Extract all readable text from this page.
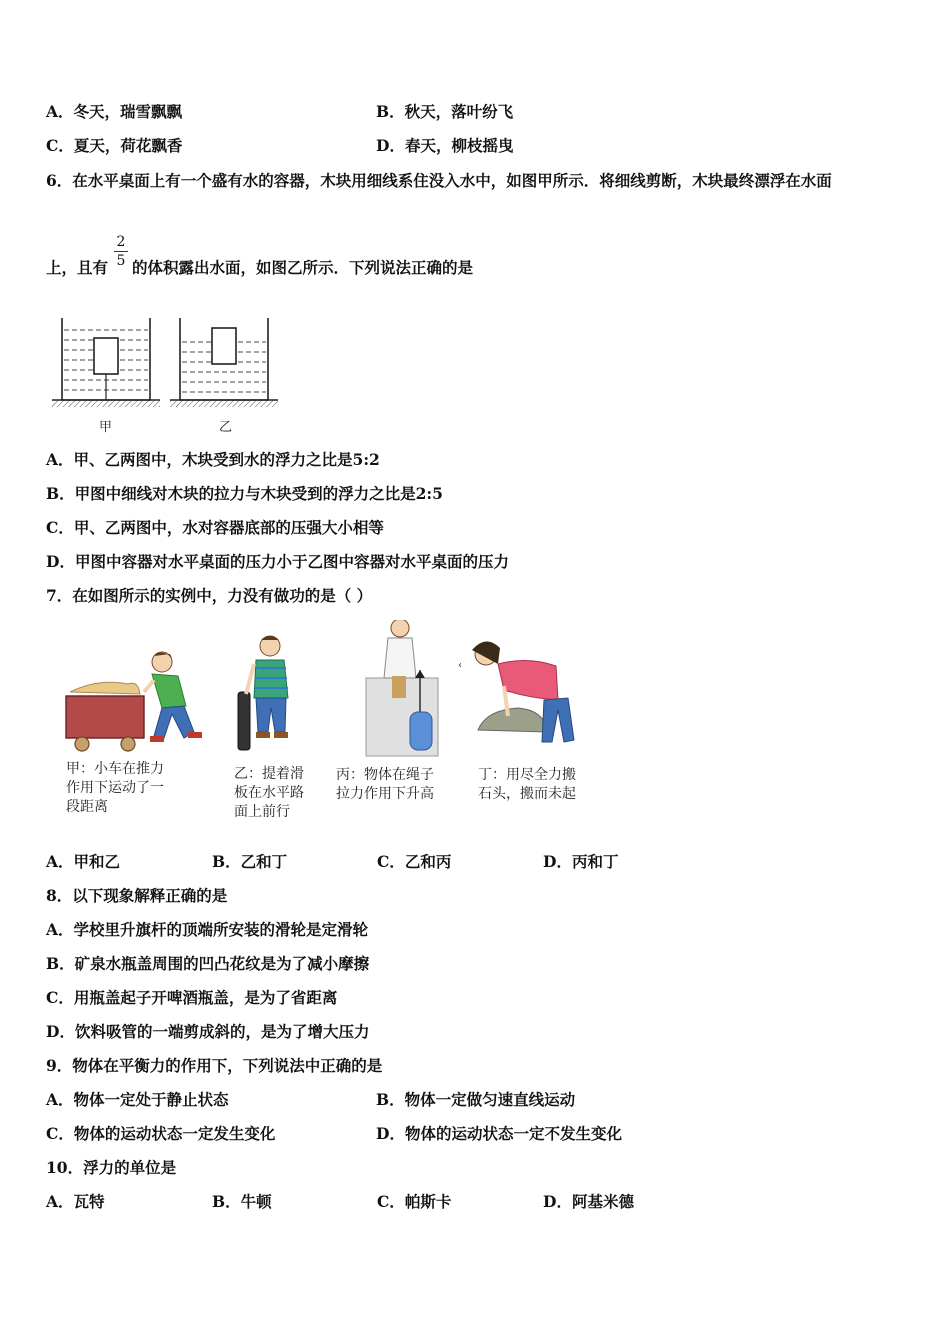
A．冬天，瑞雪飘飘	B．秋天，落叶纷飞
C．夏天，荷花飘香	D．春天，柳枝摇曳
6．在水平桌面上有一个盛有水的容器，木块用细线系住没入水中，如图甲所示．将细线剪断，木块最终漂浮在水面
上，且有
2
5 的体积露出水面，如图乙所示．下列说法正确的是
甲	乙
A．甲、乙两图中，木块受到水的浮力之比是5:2
B．甲图中细线对木块的拉力与木块受到的浮力之比是2:5
C．甲、乙两图中，水对容器底部的压强大小相等
D．甲图中容器对水平桌面的压力小于乙图中容器对水平桌面的压力
7．在如图所示的实例中，力没有做功的是（ ）
‹
甲：小车在推力
作用下运动了一
段距离
乙：提着滑
板在水平路
面上前行
丙：物体在绳子
拉力作用下升高
丁：用尽全力搬
石头，搬而未起
A．甲和乙	B．乙和丁	C．乙和丙	D．丙和丁
8．以下现象解释正确的是
A．学校里升旗杆的顶端所安装的滑轮是定滑轮
B．矿泉水瓶盖周围的凹凸花纹是为了减小摩擦
C．用瓶盖起子开啤酒瓶盖，是为了省距离
D．饮料吸管的一端剪成斜的，是为了增大压力
9．物体在平衡力的作用下，下列说法中正确的是
A．物体一定处于静止状态	B．物体一定做匀速直线运动
C．物体的运动状态一定发生变化	D．物体的运动状态一定不发生变化
10．浮力的单位是
A．瓦特	B．牛顿	C．帕斯卡	D．阿基米德
